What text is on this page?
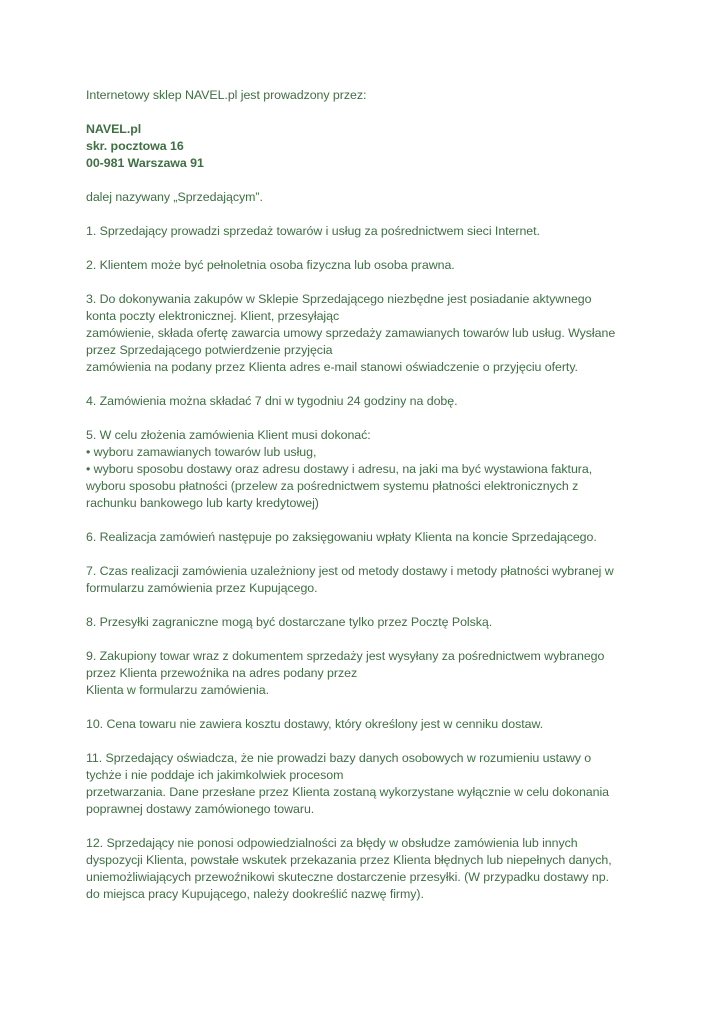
Internetowy sklep NAVEL.pl jest prowadzony przez:
NAVEL.pl
skr. pocztowa 16
00-981 Warszawa 91
dalej nazywany „Sprzedającym”.
1. Sprzedający prowadzi sprzedaż towarów i usług za pośrednictwem sieci Internet.
2. Klientem może być pełnoletnia osoba fizyczna lub osoba prawna.
3. Do dokonywania zakupów w Sklepie Sprzedającego niezbędne jest posiadanie aktywnego
konta poczty elektronicznej. Klient, przesyłając
zamówienie, składa ofertę zawarcia umowy sprzedaży zamawianych towarów lub usług. Wysłane
przez Sprzedającego potwierdzenie przyjęcia
zamówienia na podany przez Klienta adres e-mail stanowi oświadczenie o przyjęciu oferty.
4. Zamówienia można składać 7 dni w tygodniu 24 godziny na dobę.
5. W celu złożenia zamówienia Klient musi dokonać:
• wyboru zamawianych towarów lub usług,
• wyboru sposobu dostawy oraz adresu dostawy i adresu, na jaki ma być wystawiona faktura,
wyboru sposobu płatności (przelew za pośrednictwem systemu płatności elektronicznych z
rachunku bankowego lub karty kredytowej)
6. Realizacja zamówień następuje po zaksięgowaniu wpłaty Klienta na koncie Sprzedającego.
7. Czas realizacji zamówienia uzależniony jest od metody dostawy i metody płatności wybranej w
formularzu zamówienia przez Kupującego.
8. Przesyłki zagraniczne mogą być dostarczane tylko przez Pocztę Polską.
9. Zakupiony towar wraz z dokumentem sprzedaży jest wysyłany za pośrednictwem wybranego
przez Klienta przewoźnika na adres podany przez
Klienta w formularzu zamówienia.
10. Cena towaru nie zawiera kosztu dostawy, który określony jest w cenniku dostaw.
11. Sprzedający oświadcza, że nie prowadzi bazy danych osobowych w rozumieniu ustawy o
tychże i nie poddaje ich jakimkolwiek procesom
przetwarzania. Dane przesłane przez Klienta zostaną wykorzystane wyłącznie w celu dokonania
poprawnej dostawy zamówionego towaru.
12. Sprzedający nie ponosi odpowiedzialności za błędy w obsłudze zamówienia lub innych
dyspozycji Klienta, powstałe wskutek przekazania przez Klienta błędnych lub niepełnych danych,
uniemożliwiających przewoźnikowi skuteczne dostarczenie przesyłki. (W przypadku dostawy np.
do miejsca pracy Kupującego, należy dookreślić nazwę firmy).
